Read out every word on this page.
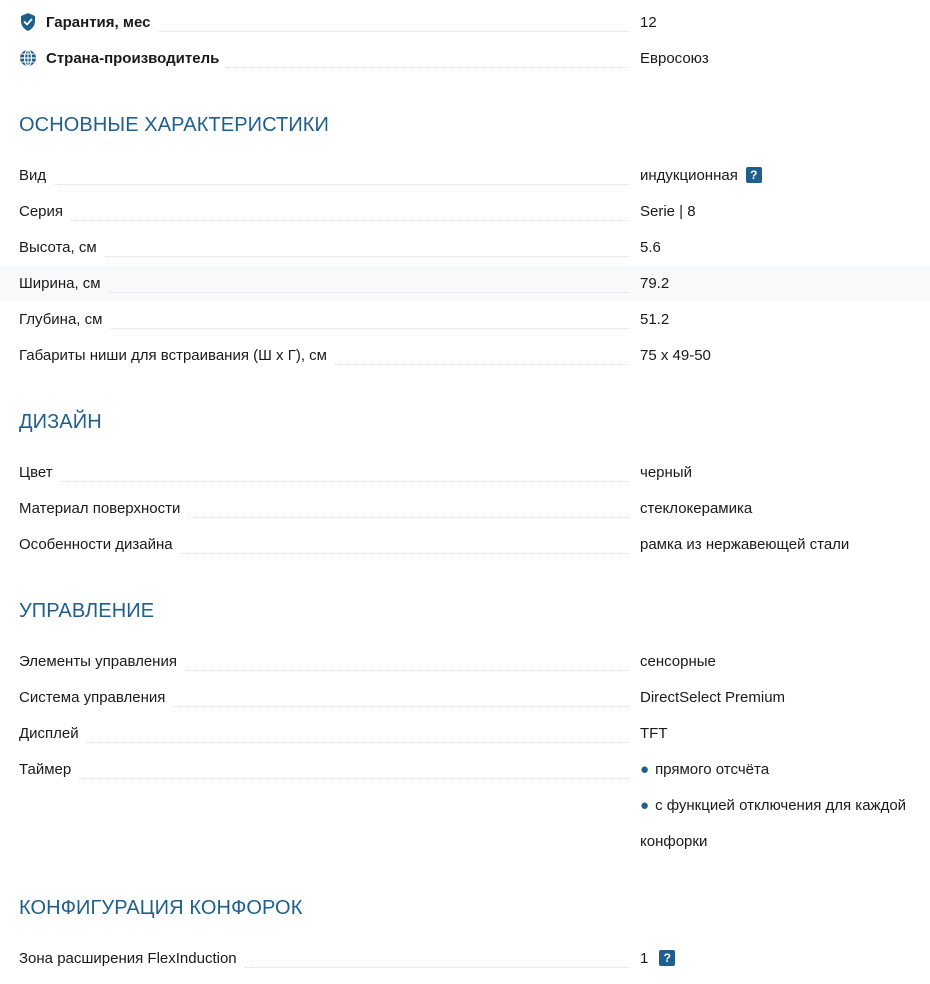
Гарантия, мес	12
Страна-производитель	Евросоюз
ОСНОВНЫЕ ХАРАКТЕРИСТИКИ
Вид	индукционная	?
Серия	Serie | 8
Высота, см	5.6
Ширина, см	79.2
Глубина, см	51.2
Габариты ниши для встраивания (Ш x Г), см	75 x 49-50
ДИЗАЙН
Цвет	черный
Материал поверхности	стеклокерамика
Особенности дизайна	рамка из нержавеющей стали
УПРАВЛЕНИЕ
Элементы управления	сенсорные
Система управления	DirectSelect Premium
Дисплей	TFT
Таймер	● прямого отсчёта
● с функцией отключения для каждой
конфорки
КОНФИГУРАЦИЯ КОНФОРОК
Зона расширения FlexInduction	1	?
